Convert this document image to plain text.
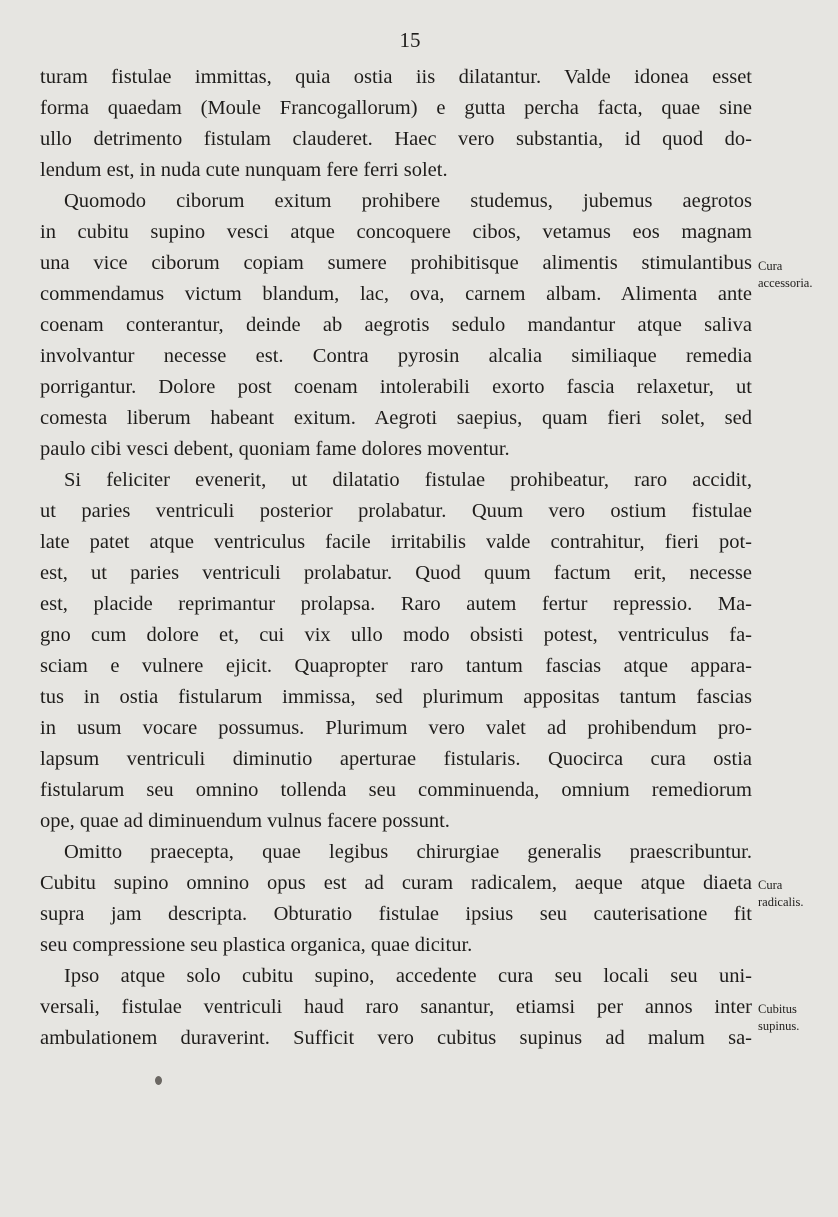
15
turam fistulae immittas, quia ostia iis dilatantur. Valde idonea esset
forma quaedam (Moule Francogallorum) e gutta percha facta, quae sine
ullo detrimento fistulam clauderet. Haec vero substantia, id quod do-
lendum est, in nuda cute nunquam fere ferri solet.
Quomodo ciborum exitum prohibere studemus, jubemus aegrotos
in cubitu supino vesci atque concoquere cibos, vetamus eos magnam
una vice ciborum copiam sumere prohibitisque alimentis stimulantibus
commendamus victum blandum, lac, ova, carnem albam. Alimenta ante
coenam conterantur, deinde ab aegrotis sedulo mandantur atque saliva
involvantur necesse est. Contra pyrosin alcalia similiaque remedia
porrigantur. Dolore post coenam intolerabili exorto fascia relaxetur, ut
comesta liberum habeant exitum. Aegroti saepius, quam fieri solet, sed
paulo cibi vesci debent, quoniam fame dolores moventur.
Si feliciter evenerit, ut dilatatio fistulae prohibeatur, raro accidit,
ut paries ventriculi posterior prolabatur. Quum vero ostium fistulae
late patet atque ventriculus facile irritabilis valde contrahitur, fieri pot-
est, ut paries ventriculi prolabatur. Quod quum factum erit, necesse
est, placide reprimantur prolapsa. Raro autem fertur repressio. Ma-
gno cum dolore et, cui vix ullo modo obsisti potest, ventriculus fa-
sciam e vulnere ejicit. Quapropter raro tantum fascias atque appara-
tus in ostia fistularum immissa, sed plurimum appositas tantum fascias
in usum vocare possumus. Plurimum vero valet ad prohibendum pro-
lapsum ventriculi diminutio aperturae fistularis. Quocirca cura ostia
fistularum seu omnino tollenda seu comminuenda, omnium remediorum
ope, quae ad diminuendum vulnus facere possunt.
Omitto praecepta, quae legibus chirurgiae generalis praescribuntur.
Cubitu supino omnino opus est ad curam radicalem, aeque atque diaeta
supra jam descripta. Obturatio fistulae ipsius seu cauterisatione fit
seu compressione seu plastica organica, quae dicitur.
Ipso atque solo cubitu supino, accedente cura seu locali seu uni-
versali, fistulae ventriculi haud raro sanantur, etiamsi per annos inter
ambulationem duraverint. Sufficit vero cubitus supinus ad malum sa-
Cura
accessoria.
Cura
radicalis.
Cubitus
supinus.
